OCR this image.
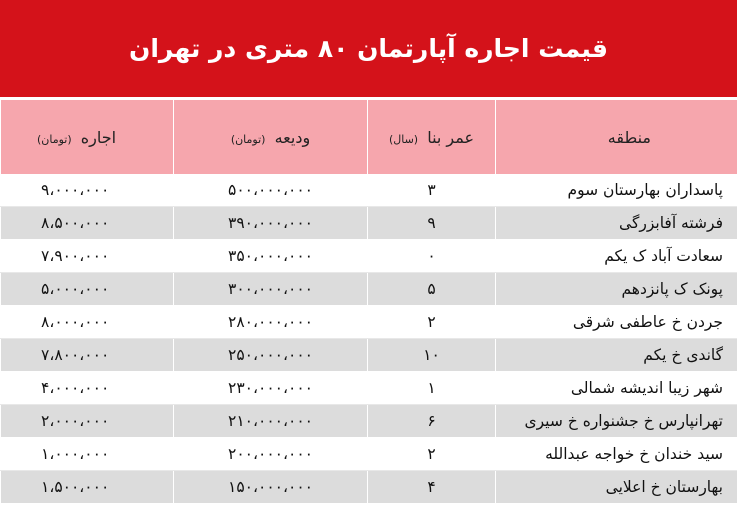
قیمت اجاره آپارتمان ۸۰ متری در تهران
منطقه	عمر بنا (سال)	ودیعه (تومان)	اجاره (تومان)
پاسداران بهارستان سوم	۳	۵۰۰،۰۰۰،۰۰۰	۹،۰۰۰،۰۰۰
فرشته آفابزرگی	۹	۳۹۰،۰۰۰،۰۰۰	۸،۵۰۰،۰۰۰
سعادت آباد ک یکم	۰	۳۵۰،۰۰۰،۰۰۰	۷،۹۰۰،۰۰۰
پونک ک پانزدهم	۵	۳۰۰،۰۰۰،۰۰۰	۵،۰۰۰،۰۰۰
جردن خ عاطفی شرقی	۲	۲۸۰،۰۰۰،۰۰۰	۸،۰۰۰،۰۰۰
گاندی خ یکم	۱۰	۲۵۰،۰۰۰،۰۰۰	۷،۸۰۰،۰۰۰
شهر زیبا اندیشه شمالی	۱	۲۳۰،۰۰۰،۰۰۰	۴،۰۰۰،۰۰۰
تهرانپارس خ جشنواره خ سیری	۶	۲۱۰،۰۰۰،۰۰۰	۲،۰۰۰،۰۰۰
سید خندان خ خواجه عبدالله	۲	۲۰۰،۰۰۰،۰۰۰	۱،۰۰۰،۰۰۰
بهارستان خ اعلایی	۴	۱۵۰،۰۰۰،۰۰۰	۱،۵۰۰،۰۰۰
